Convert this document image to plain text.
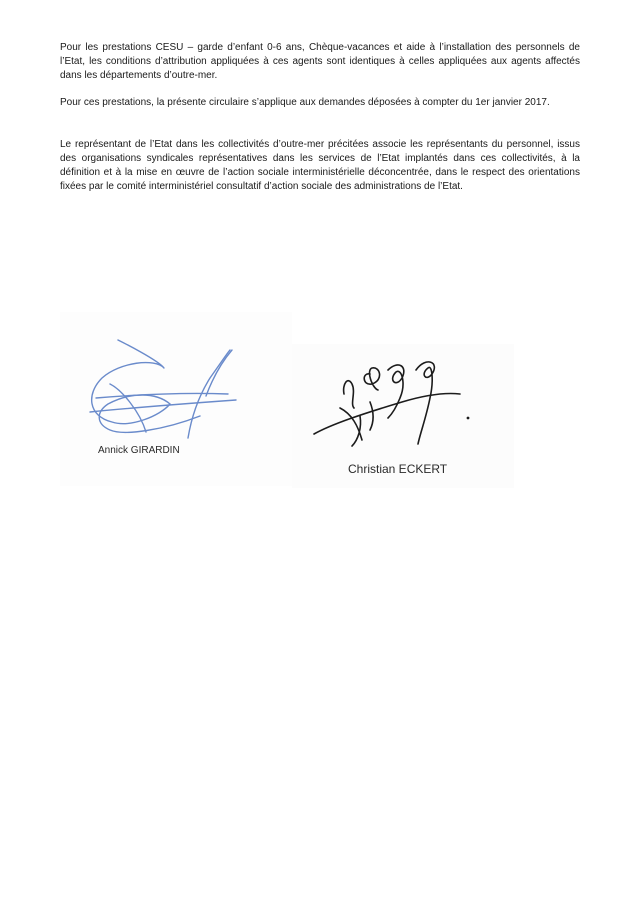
Pour les prestations CESU – garde d’enfant 0-6 ans, Chèque-vacances et aide à l’installation des personnels de l’Etat, les conditions d’attribution appliquées à ces agents sont identiques à celles appliquées aux agents affectés dans les départements d’outre-mer.

Pour ces prestations, la présente circulaire s’applique aux demandes déposées à compter du 1er janvier 2017.

Le représentant de l’Etat dans les collectivités d’outre-mer précitées associe les représentants du personnel, issus des organisations syndicales représentatives dans les services de l’Etat implantés dans ces collectivités, à la définition et à la mise en œuvre de l’action sociale interministérielle déconcentrée, dans le respect des orientations fixées par le comité interministériel consultatif d’action sociale des administrations de l’Etat.

Annick GIRARDIN
Christian ECKERT
